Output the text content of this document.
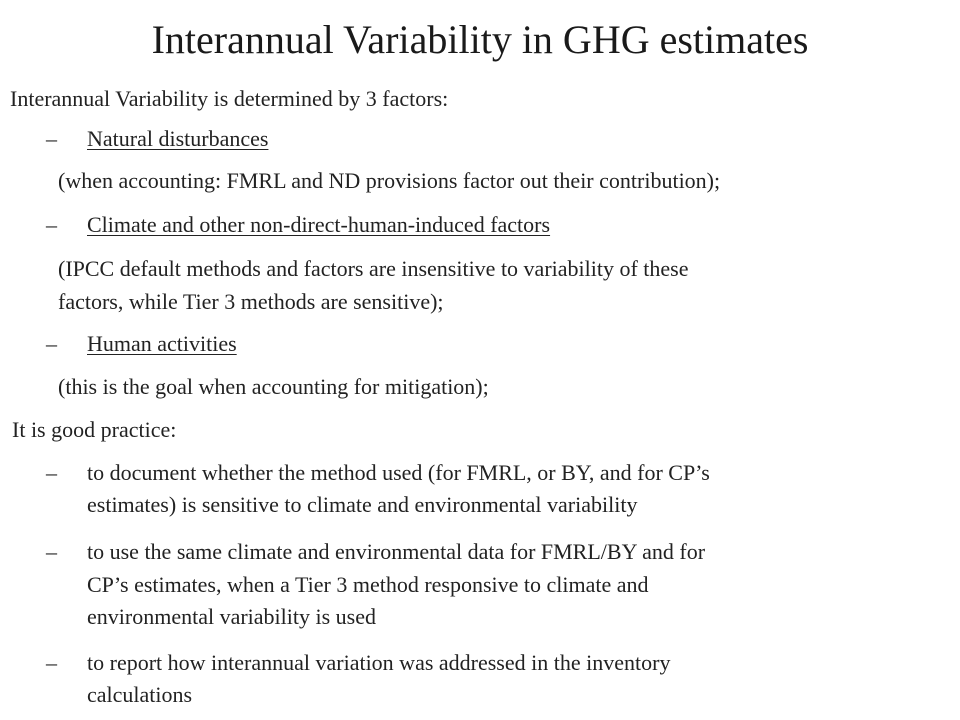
Interannual Variability in GHG estimates
Interannual Variability is determined by 3 factors:
– Natural disturbances
(when accounting: FMRL and ND provisions factor out their contribution);
– Climate and other non-direct-human-induced factors
(IPCC default methods and factors are insensitive to variability of these
factors, while Tier 3 methods are sensitive);
– Human activities
(this is the goal when accounting for mitigation);
It is good practice:
– to document whether the method used (for FMRL, or BY, and for CP’s
estimates) is sensitive to climate and environmental variability
– to use the same climate and environmental data for FMRL/BY and for
CP’s estimates, when a Tier 3 method responsive to climate and
environmental variability is used
– to report how interannual variation was addressed in the inventory
calculations
